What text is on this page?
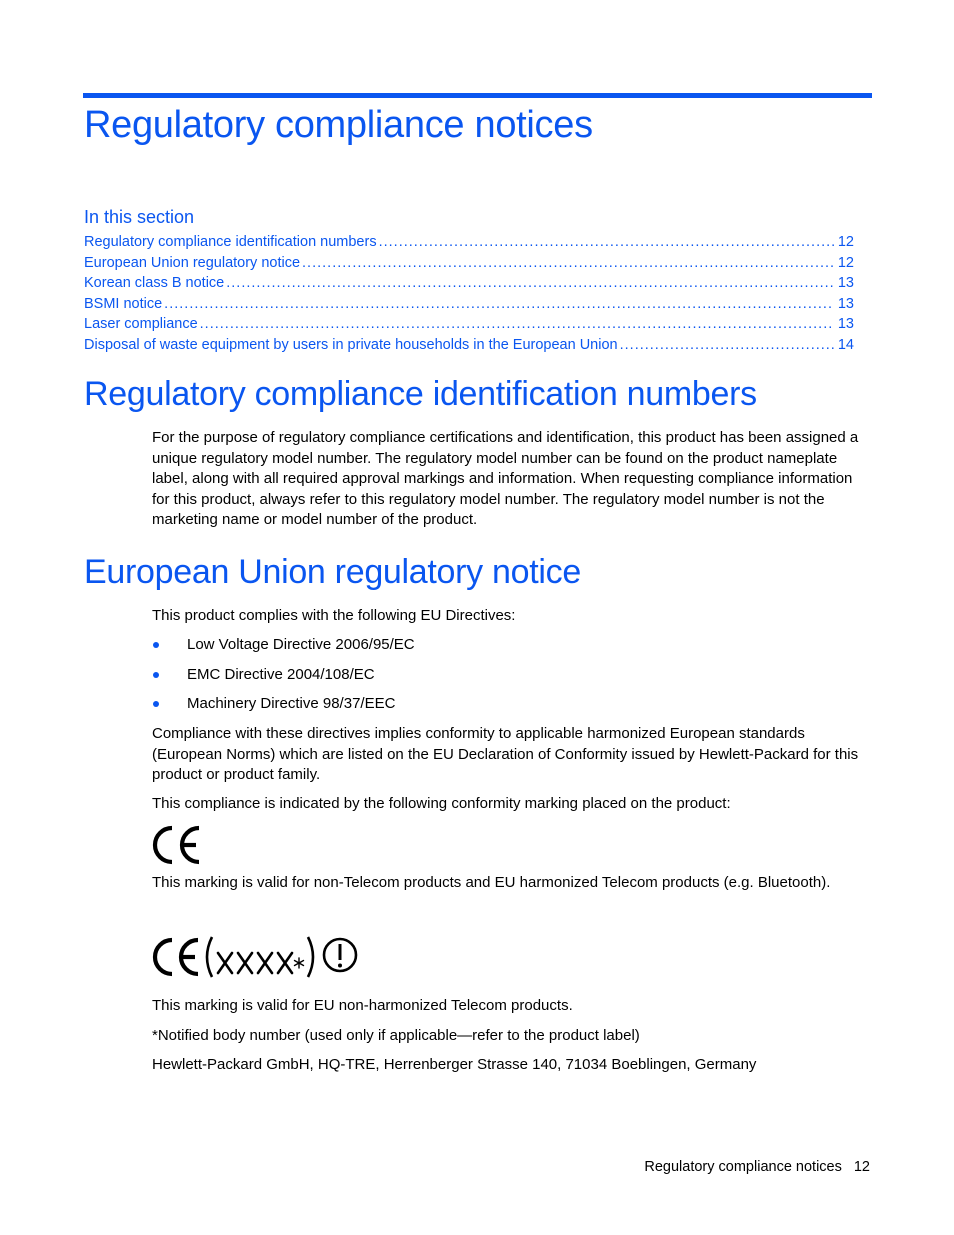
Regulatory compliance notices
In this section
Regulatory compliance identification numbers .....	12
European Union regulatory notice .....	12
Korean class B notice .....	13
BSMI notice .....	13
Laser compliance .....	13
Disposal of waste equipment by users in private households in the European Union .....	14
Regulatory compliance identification numbers

For the purpose of regulatory compliance certifications and identification, this product has been assigned a unique regulatory model number. The regulatory model number can be found on the product nameplate label, along with all required approval markings and information. When requesting compliance information for this product, always refer to this regulatory model number. The regulatory model number is not the marketing name or model number of the product.

European Union regulatory notice

This product complies with the following EU Directives:

Low Voltage Directive 2006/95/EC
EMC Directive 2004/108/EC
Machinery Directive 98/37/EEC

Compliance with these directives implies conformity to applicable harmonized European standards (European Norms) which are listed on the EU Declaration of Conformity issued by Hewlett-Packard for this product or product family.

This compliance is indicated by the following conformity marking placed on the product:

This marking is valid for non-Telecom products and EU harmonized Telecom products (e.g. Bluetooth).

This marking is valid for EU non-harmonized Telecom products.

*Notified body number (used only if applicable—refer to the product label)

Hewlett-Packard GmbH, HQ-TRE, Herrenberger Strasse 140, 71034 Boeblingen, Germany

Regulatory compliance notices 12
